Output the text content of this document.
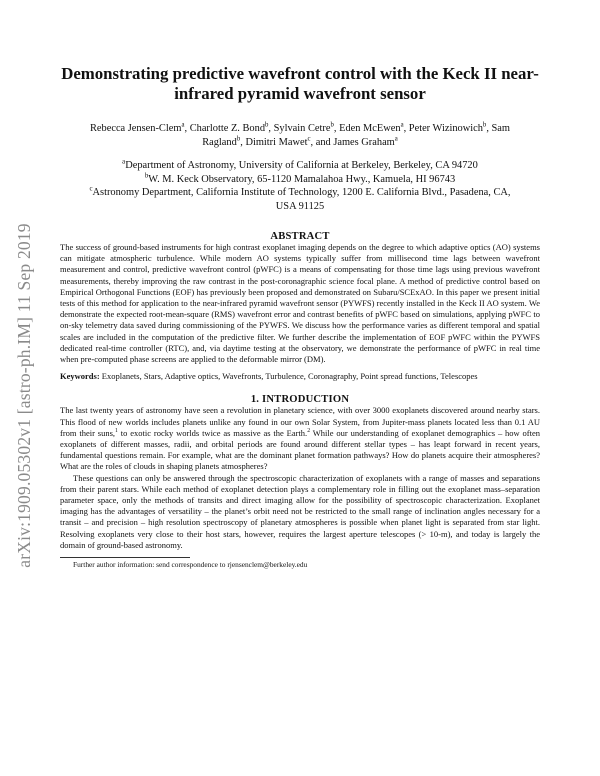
arXiv:1909.05302v1 [astro-ph.IM] 11 Sep 2019
Demonstrating predictive wavefront control with the Keck II near-infrared pyramid wavefront sensor
Rebecca Jensen-Clem$^a$, Charlotte Z. Bond$^b$, Sylvain Cetre$^b$, Eden McEwen$^a$, Peter Wizinowich$^b$, Sam Ragland$^b$, Dimitri Mawet$^c$, and James Graham$^a$
$^a$Department of Astronomy, University of California at Berkeley, Berkeley, CA 94720
$^b$W. M. Keck Observatory, 65-1120 Mamalahoa Hwy., Kamuela, HI 96743
$^c$Astronomy Department, California Institute of Technology, 1200 E. California Blvd., Pasadena, CA, USA 91125
ABSTRACT

The success of ground-based instruments for high contrast exoplanet imaging depends on the degree to which adaptive optics (AO) systems can mitigate atmospheric turbulence. While modern AO systems typically suffer from millisecond time lags between wavefront measurement and control, predictive wavefront control (pWFC) is a means of compensating for those time lags using previous wavefront measurements, thereby improving the raw contrast in the post-coronagraphic science focal plane. A method of predictive control based on Empirical Orthogonal Functions (EOF) has previously been proposed and demonstrated on Subaru/SCExAO. In this paper we present initial tests of this method for application to the near-infrared pyramid wavefront sensor (PYWFS) recently installed in the Keck II AO system. We demonstrate the expected root-mean-square (RMS) wavefront error and contrast benefits of pWFC based on simulations, applying pWFC to on-sky telemetry data saved during commissioning of the PYWFS. We discuss how the performance varies as different temporal and spatial scales are included in the computation of the predictive filter. We further describe the implementation of EOF pWFC within the PYWFS dedicated real-time controller (RTC), and, via daytime testing at the observatory, we demonstrate the performance of pWFC in real time when pre-computed phase screens are applied to the deformable mirror (DM).

Keywords: Exoplanets, Stars, Adaptive optics, Wavefronts, Turbulence, Coronagraphy, Point spread functions, Telescopes
1. INTRODUCTION

The last twenty years of astronomy have seen a revolution in planetary science, with over 3000 exoplanets discovered around nearby stars. This flood of new worlds includes planets unlike any found in our own Solar System, from Jupiter-mass planets located less than 0.1 AU from their suns,$^1$ to exotic rocky worlds twice as massive as the Earth.$^2$ While our understanding of exoplanet demographics – how often exoplanets of different masses, radii, and orbital periods are found around different stellar types – has leapt forward in recent years, fundamental questions remain. For example, what are the dominant planet formation pathways? How do planets acquire their atmospheres? What are the roles of clouds in shaping planets atmospheres?

These questions can only be answered through the spectroscopic characterization of exoplanets with a range of masses and separations from their parent stars. While each method of exoplanet detection plays a complementary role in filling out the exoplanet mass–separation parameter space, only the methods of transits and direct imaging allow for the possibility of spectroscopic characterization. Exoplanet imaging has the advantages of versatility – the planet’s orbit need not be restricted to the small range of inclination angles necessary for a transit – and precision – high resolution spectroscopy of planetary atmospheres is possible when planet light is separated from star light. Resolving exoplanets very close to their host stars, however, requires the largest aperture telescopes (> 10-m), and today is largely the domain of ground-based astronomy.

Further author information: send correspondence to rjensenclem@berkeley.edu
